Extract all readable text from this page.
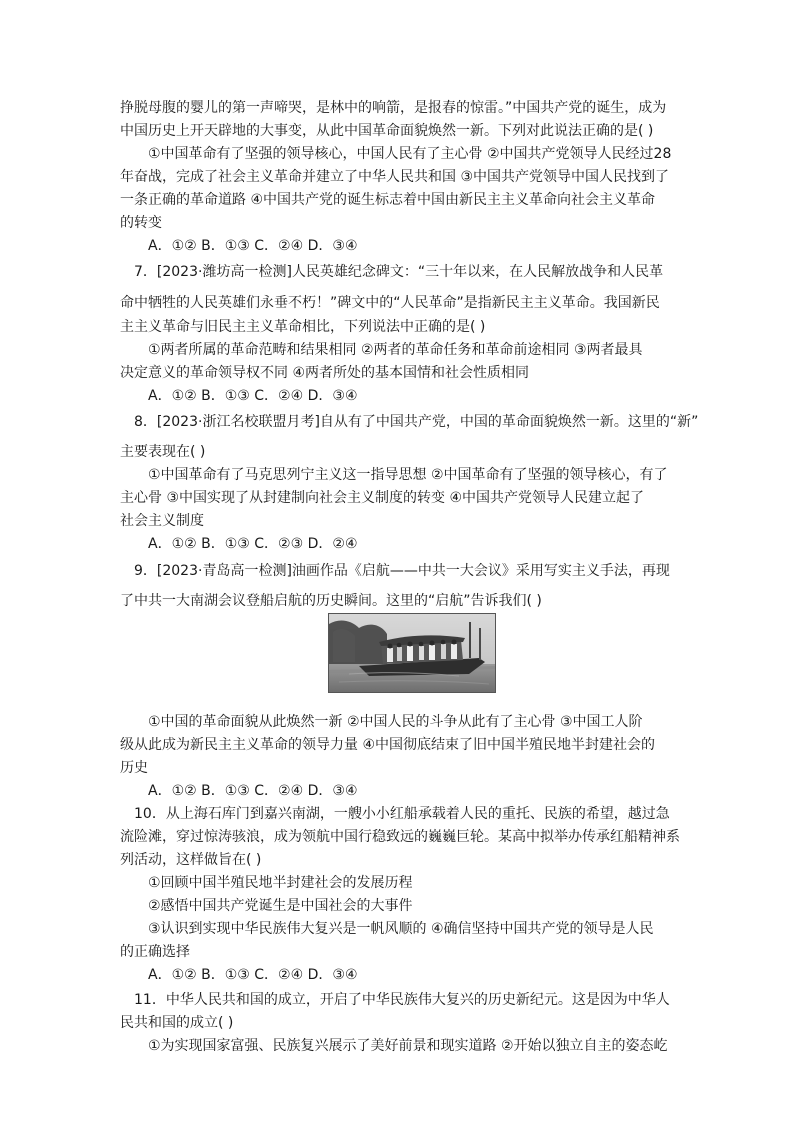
挣脱母腹的婴儿的第一声啼哭，是林中的响箭，是报春的惊雷。”中国共产党的诞生，成为
中国历史上开天辟地的大事变，从此中国革命面貌焕然一新。下列对此说法正确的是( )
①中国革命有了坚强的领导核心，中国人民有了主心骨 ②中国共产党领导人民经过28
年奋战，完成了社会主义革命并建立了中华人民共和国 ③中国共产党领导中国人民找到了
一条正确的革命道路 ④中国共产党的诞生标志着中国由新民主主义革命向社会主义革命
的转变
A．①② B．①③ C．②④ D．③④
7．[2023·潍坊高一检测]人民英雄纪念碑文：“三十年以来，在人民解放战争和人民革
命中牺牲的人民英雄们永垂不朽！”碑文中的“人民革命”是指新民主主义革命。我国新民
主主义革命与旧民主主义革命相比，下列说法中正确的是( )
①两者所属的革命范畴和结果相同 ②两者的革命任务和革命前途相同 ③两者最具
决定意义的革命领导权不同 ④两者所处的基本国情和社会性质相同
A．①② B．①③ C．②④ D．③④
8．[2023·浙江名校联盟月考]自从有了中国共产党，中国的革命面貌焕然一新。这里的“新”
主要表现在( )
①中国革命有了马克思列宁主义这一指导思想 ②中国革命有了坚强的领导核心，有了
主心骨 ③中国实现了从封建制向社会主义制度的转变 ④中国共产党领导人民建立起了
社会主义制度
A．①② B．①③ C．②③ D．②④
9．[2023·青岛高一检测]油画作品《启航——中共一大会议》采用写实主义手法，再现
了中共一大南湖会议登船启航的历史瞬间。这里的“启航”告诉我们( )
①中国的革命面貌从此焕然一新 ②中国人民的斗争从此有了主心骨 ③中国工人阶
级从此成为新民主主义革命的领导力量 ④中国彻底结束了旧中国半殖民地半封建社会的
历史
A．①② B．①③ C．②④ D．③④
10．从上海石库门到嘉兴南湖，一艘小小红船承载着人民的重托、民族的希望，越过急
流险滩，穿过惊涛骇浪，成为领航中国行稳致远的巍巍巨轮。某高中拟举办传承红船精神系
列活动，这样做旨在( )
①回顾中国半殖民地半封建社会的发展历程
②感悟中国共产党诞生是中国社会的大事件
③认识到实现中华民族伟大复兴是一帆风顺的 ④确信坚持中国共产党的领导是人民
的正确选择
A．①② B．①③ C．②④ D．③④
11．中华人民共和国的成立，开启了中华民族伟大复兴的历史新纪元。这是因为中华人
民共和国的成立( )
①为实现国家富强、民族复兴展示了美好前景和现实道路 ②开始以独立自主的姿态屹
